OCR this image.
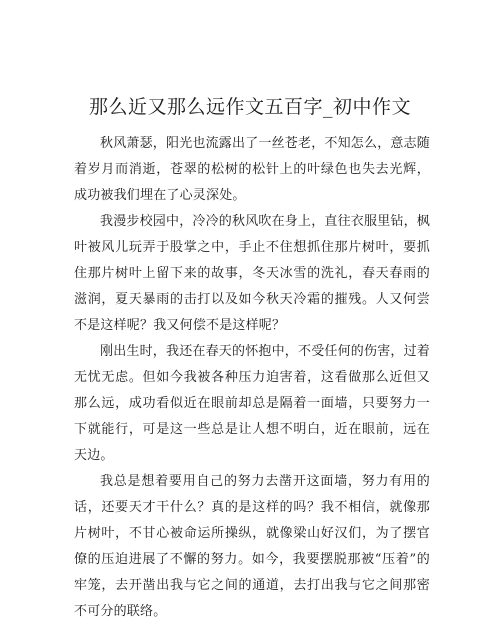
那么近又那么远作文五百字_初中作文

秋风萧瑟，阳光也流露出了一丝苍老，不知怎么，意志随着岁月而消逝，苍翠的松树的松针上的叶绿色也失去光辉，成功被我们埋在了心灵深处。

我漫步校园中，冷冷的秋风吹在身上，直往衣服里钻，枫叶被风儿玩弄于股掌之中，手止不住想抓住那片树叶，要抓住那片树叶上留下来的故事，冬天冰雪的洗礼，春天春雨的滋润，夏天暴雨的击打以及如今秋天冷霜的摧残。人又何尝不是这样呢？我又何偿不是这样呢？

刚出生时，我还在春天的怀抱中，不受任何的伤害，过着无忧无虑。但如今我被各种压力迫害着，这看做那么近但又那么远，成功看似近在眼前却总是隔着一面墙，只要努力一下就能行，可是这一些总是让人想不明白，近在眼前，远在天边。

我总是想着要用自己的努力去凿开这面墙，努力有用的话，还要天才干什么？真的是这样的吗？我不相信，就像那片树叶，不甘心被命运所操纵，就像梁山好汉们，为了摆官僚的压迫进展了不懈的努力。如今，我要摆脱那被“压着”的牢笼，去开凿出我与它之间的通道，去打出我与它之间那密不可分的联络。
